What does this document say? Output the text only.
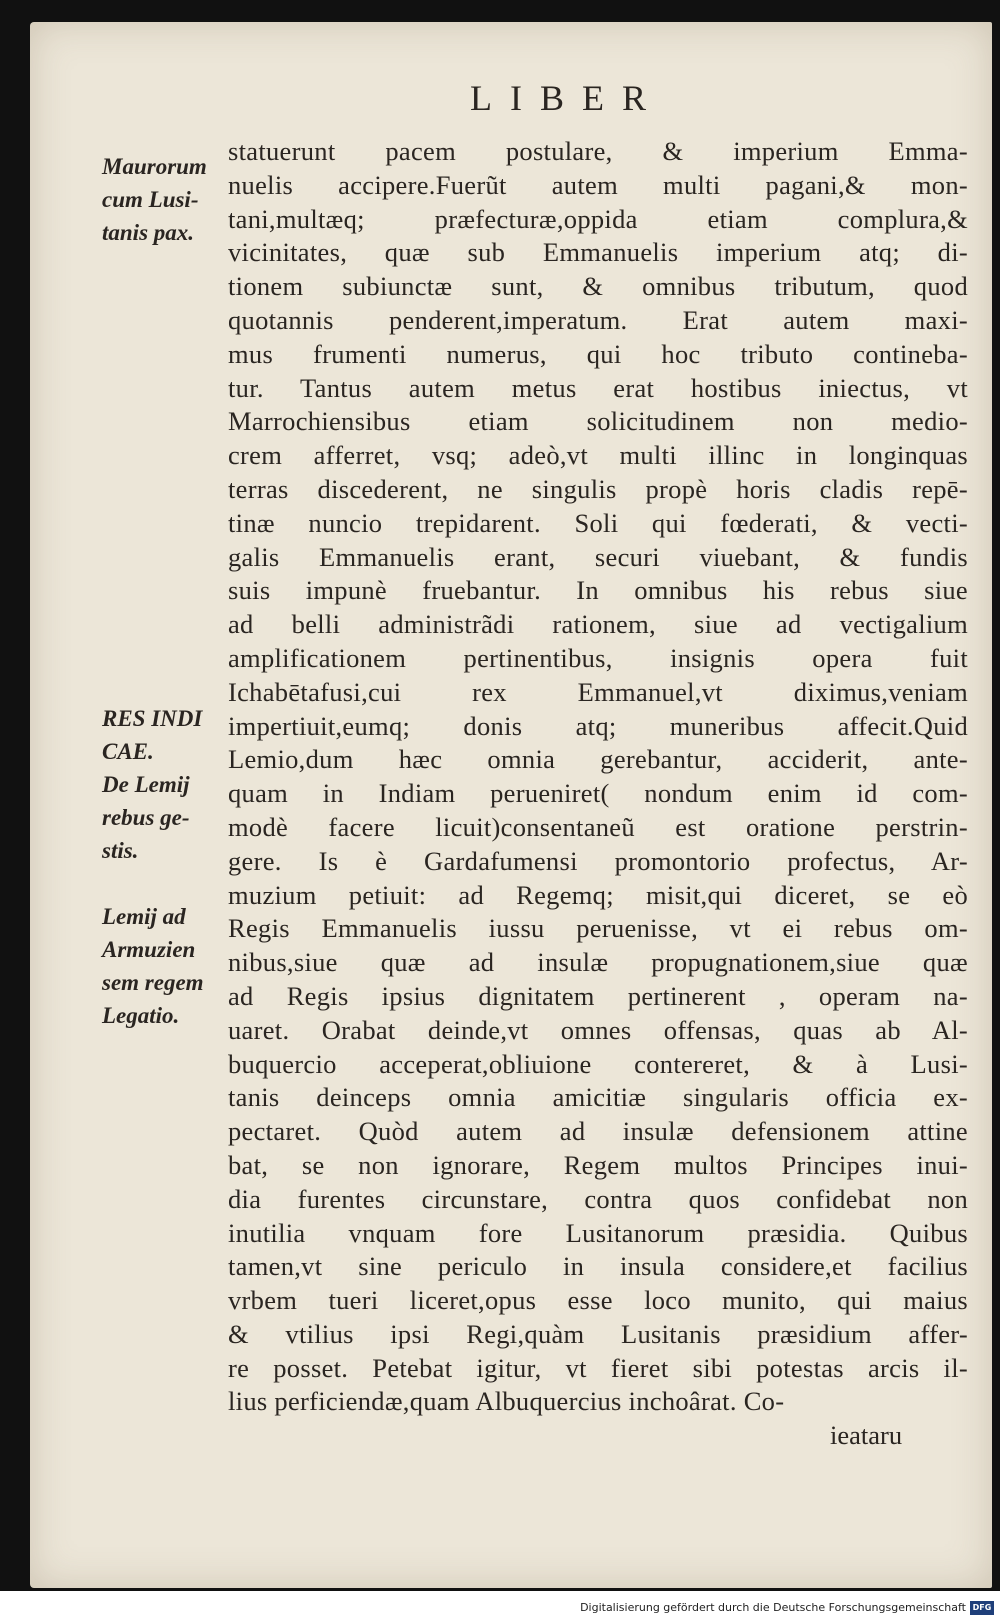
LIBER
Maurorum
cum Lusi-
tanis pax.
RES INDI
CAE.
De Lemij
rebus ge-
stis.
Lemij ad
Armuzien
sem regem
Legatio.
statuerunt pacem postulare, & imperium Emma-
nuelis accipere.Fuerũt autem multi pagani,& mon-
tani,multæq; præfecturæ,oppida etiam complura,&
vicinitates, quæ sub Emmanuelis imperium atq; di-
tionem subiunctæ sunt, & omnibus tributum, quod
quotannis penderent,imperatum. Erat autem maxi-
mus frumenti numerus, qui hoc tributo contineba-
tur. Tantus autem metus erat hostibus iniectus, vt
Marrochiensibus etiam solicitudinem non medio-
crem afferret, vsq; adeò,vt multi illinc in longinquas
terras discederent, ne singulis propè horis cladis repē-
tinæ nuncio trepidarent. Soli qui fœderati, & vecti-
galis Emmanuelis erant, securi viuebant, & fundis
suis impunè fruebantur. In omnibus his rebus siue
ad belli administrãdi rationem, siue ad vectigalium
amplificationem pertinentibus, insignis opera fuit
Ichabētafusi,cui rex Emmanuel,vt diximus,veniam
impertiuit,eumq; donis atq; muneribus affecit.Quid
Lemio,dum hæc omnia gerebantur, acciderit, ante-
quam in Indiam perueniret( nondum enim id com-
modè facere licuit)consentaneũ est oratione perstrin-
gere. Is è Gardafumensi promontorio profectus, Ar-
muzium petiuit: ad Regemq; misit,qui diceret, se eò
Regis Emmanuelis iussu peruenisse, vt ei rebus om-
nibus,siue quæ ad insulæ propugnationem,siue quæ
ad Regis ipsius dignitatem pertinerent , operam na-
uaret. Orabat deinde,vt omnes offensas, quas ab Al-
buquercio acceperat,obliuione contereret, & à Lusi-
tanis deinceps omnia amicitiæ singularis officia ex-
pectaret. Quòd autem ad insulæ defensionem attine
bat, se non ignorare, Regem multos Principes inui-
dia furentes circunstare, contra quos confidebat non
inutilia vnquam fore Lusitanorum præsidia. Quibus
tamen,vt sine periculo in insula considere,et facilius
vrbem tueri liceret,opus esse loco munito, qui maius
& vtilius ipsi Regi,quàm Lusitanis præsidium affer-
re posset. Petebat igitur, vt fieret sibi potestas arcis il-
lius perficiendæ,quam Albuquercius inchoârat. Co-
ieataru
Digitalisierung gefördert durch die Deutsche Forschungsgemeinschaft DFG
